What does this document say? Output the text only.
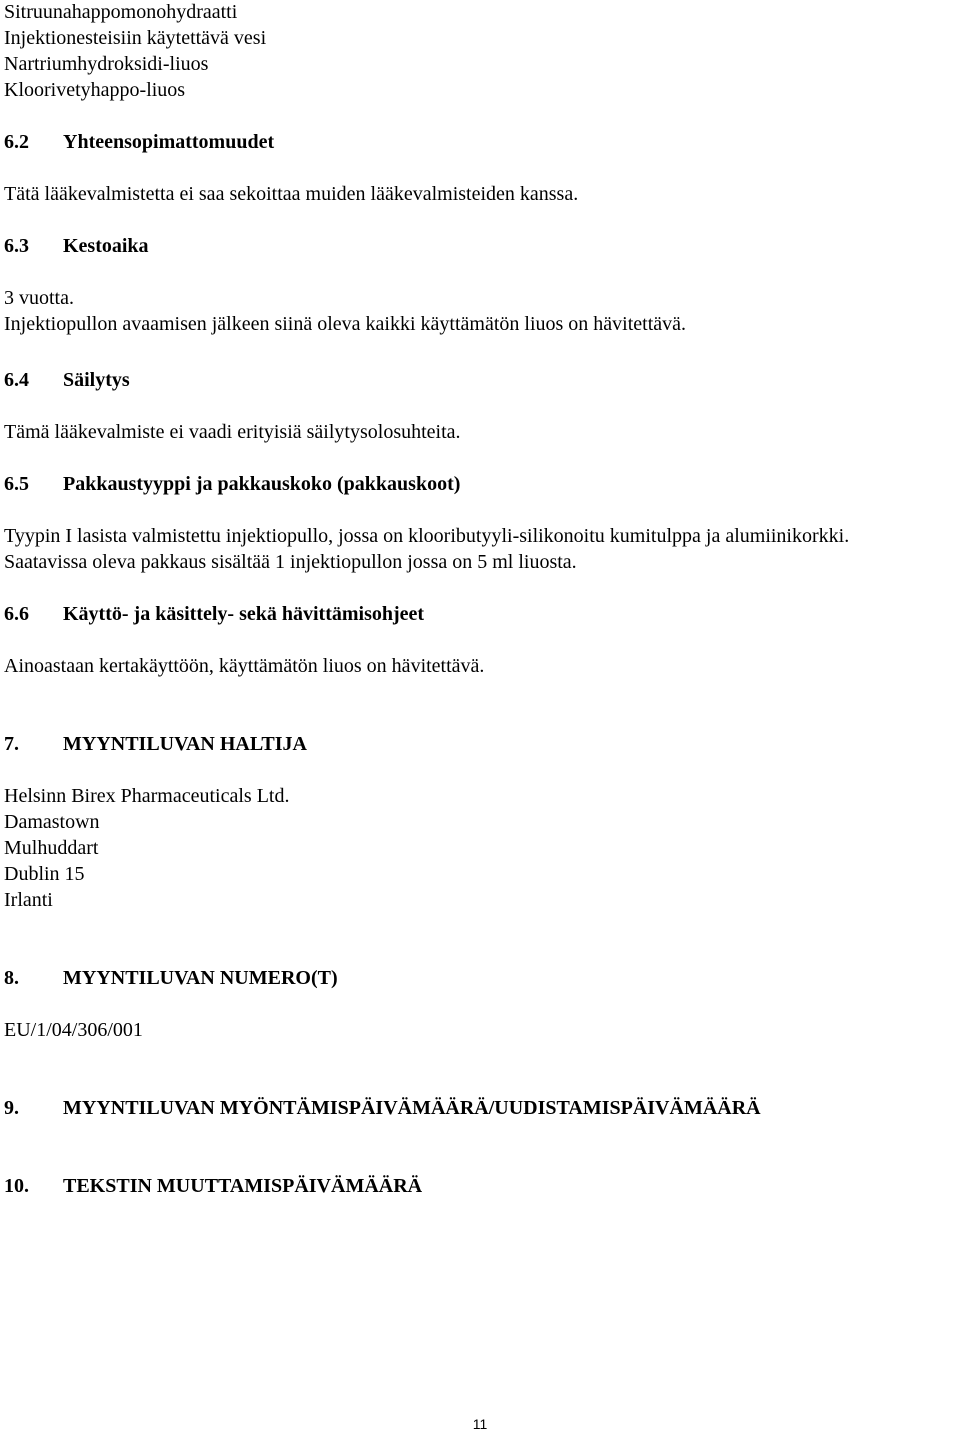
Sitruunahappomonohydraatti
Injektionesteisiin käytettävä vesi
Nartriumhydroksidi-liuos
Kloorivetyhappo-liuos
6.2 Yhteensopimattomuudet
Tätä lääkevalmistetta ei saa sekoittaa muiden lääkevalmisteiden kanssa.
6.3 Kestoaika
3 vuotta.
Injektiopullon avaamisen jälkeen siinä oleva kaikki käyttämätön liuos on hävitettävä.
6.4 Säilytys
Tämä lääkevalmiste ei vaadi erityisiä säilytysolosuhteita.
6.5 Pakkaustyyppi ja pakkauskoko (pakkauskoot)
Tyypin I lasista valmistettu injektiopullo, jossa on klooributyyli-silikonoitu kumitulppa ja alumiinikorkki.
Saatavissa oleva pakkaus sisältää 1 injektiopullon jossa on 5 ml liuosta.
6.6 Käyttö- ja käsittely- sekä hävittämisohjeet
Ainoastaan kertakäyttöön, käyttämätön liuos on hävitettävä.
7. MYYNTILUVAN HALTIJA
Helsinn Birex Pharmaceuticals Ltd.
Damastown
Mulhuddart
Dublin 15
Irlanti
8. MYYNTILUVAN NUMERO(T)
EU/1/04/306/001
9. MYYNTILUVAN MYÖNTÄMISPÄIVÄMÄÄRÄ/UUDISTAMISPÄIVÄMÄÄRÄ
10. TEKSTIN MUUTTAMISPÄIVÄMÄÄRÄ
11
